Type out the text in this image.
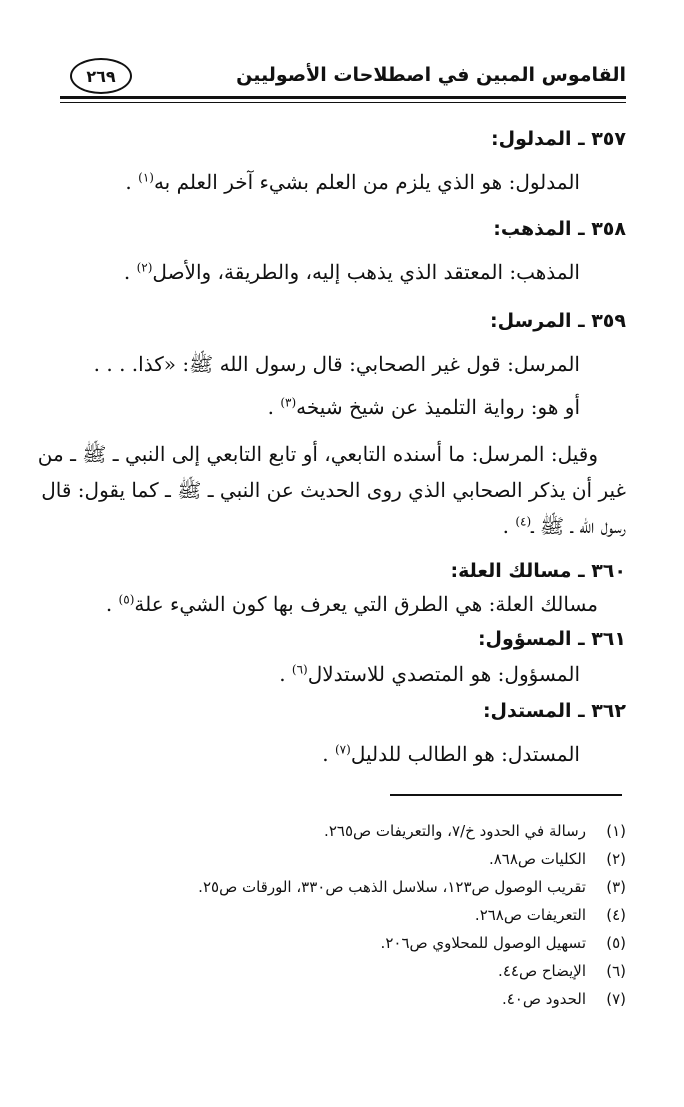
القاموس المبين في اصطلاحات الأصوليين
٢٦٩
٣٥٧ ـ المدلول:
المدلول: هو الذي يلزم من العلم بشيء آخر العلم به$^{(١)}$ .
٣٥٨ ـ المذهب:
المذهب: المعتقد الذي يذهب إليه، والطريقة، والأصل$^{(٢)}$ .
٣٥٩ ـ المرسل:
المرسل: قول غير الصحابي: قال رسول الله ﷺ: «كذا. . . .
أو هو: رواية التلميذ عن شيخ شيخه$^{(٣)}$ .
وقيل: المرسل: ما أسنده التابعي، أو تابع التابعي إلى النبي ـ ﷺ ـ من
غير أن يذكر الصحابي الذي روى الحديث عن النبي ـ ﷺ ـ كما يقول: قال
رسول الله ـ ﷺ ـ$^{(٤)}$ .
٣٦٠ ـ مسالك العلة:
مسالك العلة: هي الطرق التي يعرف بها كون الشيء علة$^{(٥)}$ .
٣٦١ ـ المسؤول:
المسؤول: هو المتصدي للاستدلال$^{(٦)}$ .
٣٦٢ ـ المستدل:
المستدل: هو الطالب للدليل$^{(٧)}$ .
(١)رسالة في الحدود خ/٧، والتعريفات ص٢٦٥.
(٢)الكليات ص٨٦٨.
(٣)تقريب الوصول ص١٢٣، سلاسل الذهب ص٣٣٠، الورقات ص٢٥.
(٤)التعريفات ص٢٦٨.
(٥)تسهيل الوصول للمحلاوي ص٢٠٦.
(٦)الإيضاح ص٤٤.
(٧)الحدود ص٤٠.
